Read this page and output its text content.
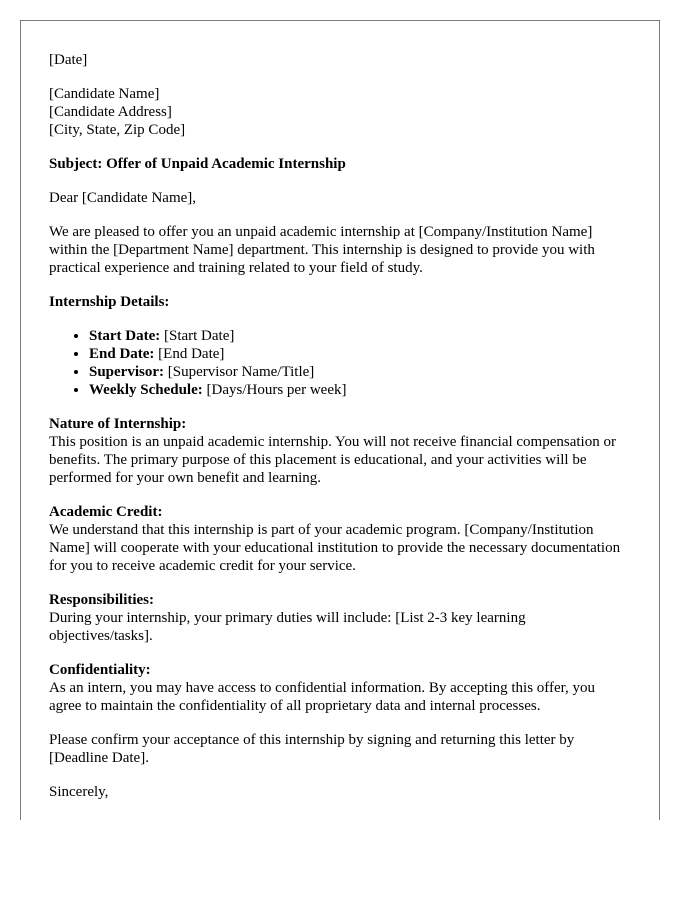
[Date]

[Candidate Name]

[Candidate Address]

[City, State, Zip Code]

Subject: Offer of Unpaid Academic Internship

Dear [Candidate Name],

We are pleased to offer you an unpaid academic internship at [Company/Institution Name] within the [Department Name] department. This internship is designed to provide you with practical experience and training related to your field of study.

Internship Details:

• Start Date: [Start Date]
• End Date: [End Date]
• Supervisor: [Supervisor Name/Title]
• Weekly Schedule: [Days/Hours per week]

Nature of Internship:

This position is an unpaid academic internship. You will not receive financial compensation or benefits. The primary purpose of this placement is educational, and your activities will be performed for your own benefit and learning.

Academic Credit:

We understand that this internship is part of your academic program. [Company/Institution Name] will cooperate with your educational institution to provide the necessary documentation for you to receive academic credit for your service.

Responsibilities:

During your internship, your primary duties will include: [List 2-3 key learning objectives/tasks].

Confidentiality:

As an intern, you may have access to confidential information. By accepting this offer, you agree to maintain the confidentiality of all proprietary data and internal processes.

Please confirm your acceptance of this internship by signing and returning this letter by [Deadline Date].

Sincerely,
